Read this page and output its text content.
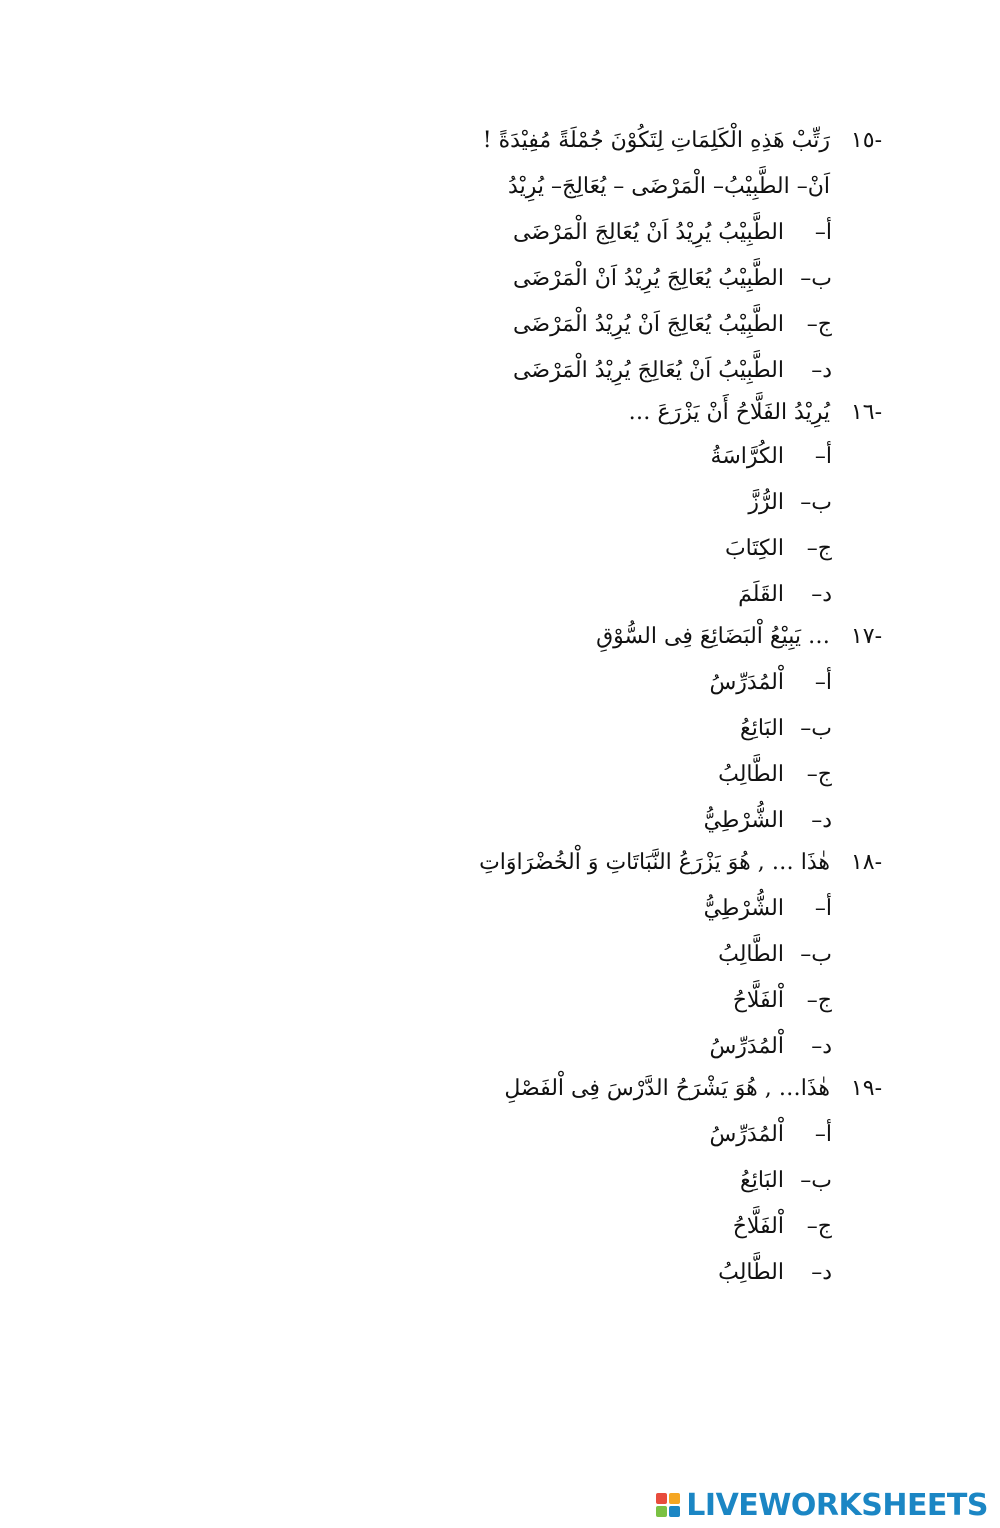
-١٥رَتِّبْ هَذِهِ الْكَلِمَاتِ لِتَكُوْنَ جُمْلَةً مُفِيْدَةً !
اَنْ– الطَّبِيْبُ– الْمَرْضَى – يُعَالِجَ– يُرِيْدُ
أ–الطَّبِيْبُ يُرِيْدُ اَنْ يُعَالِجَ الْمَرْضَى
ب–الطَّبِيْبُ يُعَالِجَ يُرِيْدُ اَنْ الْمَرْضَى
ج–الطَّبِيْبُ يُعَالِجَ اَنْ يُرِيْدُ الْمَرْضَى
د–الطَّبِيْبُ اَنْ يُعَالِجَ يُرِيْدُ الْمَرْضَى
-١٦يُرِيْدُ الفَلَّاحُ أَنْ يَزْرَعَ …
أ–الكُرَّاسَةُ
ب–الرُّزَّ
ج–الكِتَابَ
د–القَلَمَ
-١٧… يَبِيْعُ اْلبَضَائِعَ فِى السُّوْقِ
أ–اْلمُدَرِّسُ
ب–البَائِعُ
ج–الطَّالِبُ
د–الشُّرْطِيُّ
-١٨هٰذَا … , هُوَ يَزْرَعُ النَّبَاتَاتِ وَ اْلخُضْرَاوَاتِ
أ–الشُّرْطِيُّ
ب–الطَّالِبُ
ج–اْلفَلَّاحُ
د–اْلمُدَرِّسُ
-١٩هٰذَا… , هُوَ يَشْرَحُ الدَّرْسَ فِى اْلفَصْلِ
أ–اْلمُدَرِّسُ
ب–البَائِعُ
ج–اْلفَلَّاحُ
د–الطَّالِبُ
LIVEWORKSHEETS
